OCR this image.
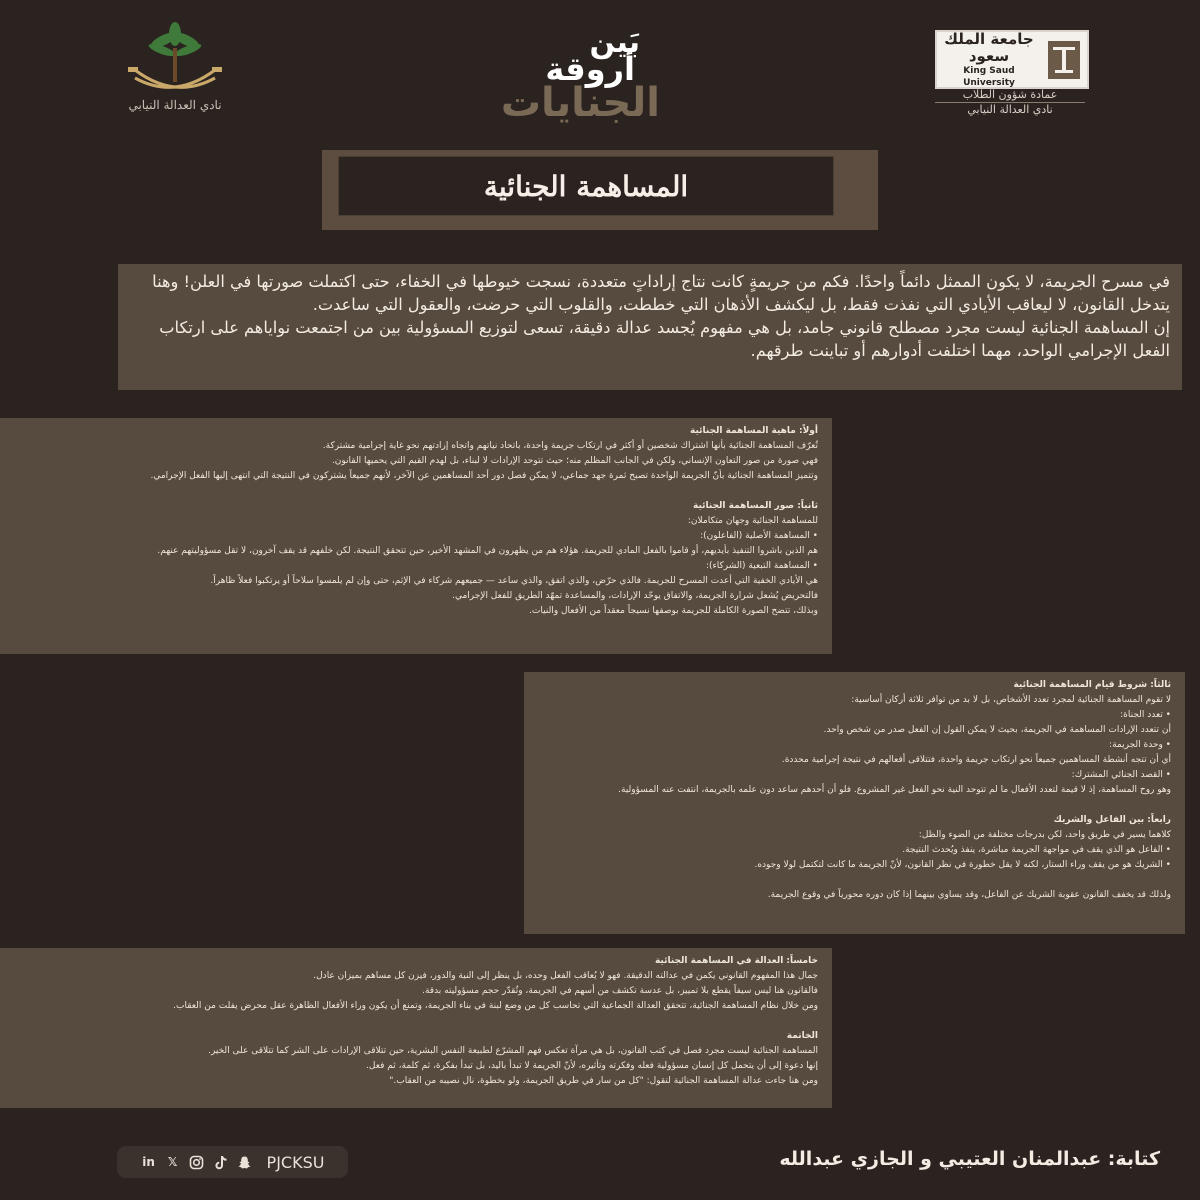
جامعة الملك سعود
King Saud University
عمادة شؤون الطلاب
نادي العدالة النيابي
بَين
أروقة
الجنايات
نادي العدالة النيابي
المساهمة الجنائية

في مسرح الجريمة، لا يكون الممثل دائماً واحدًا. فكم من جريمةٍ كانت نتاج إراداتٍ متعددة، نسجت خيوطها في الخفاء، حتى اكتملت صورتها في العلن! وهنا يتدخل القانون، لا ليعاقب الأيادي التي نفذت فقط، بل ليكشف الأذهان التي خططت، والقلوب التي حرضت، والعقول التي ساعدت.

إن المساهمة الجنائية ليست مجرد مصطلح قانوني جامد، بل هي مفهوم يُجسد عدالة دقيقة، تسعى لتوزيع المسؤولية بين من اجتمعت نواياهم على ارتكاب الفعل الإجرامي الواحد، مهما اختلفت أدوارهم أو تباينت طرقهم.

أولاً: ماهية المساهمة الجنائية
تُعرّف المساهمة الجنائية بأنها اشتراك شخصين أو أكثر في ارتكاب جريمة واحدة، باتحاد نياتهم واتجاه إرادتهم نحو غاية إجرامية مشتركة.
فهي صورة من صور التعاون الإنساني، ولكن في الجانب المظلم منه؛ حيث تتوحد الإرادات لا لبناء، بل لهدم القيم التي يحميها القانون.
وتتميز المساهمة الجنائية بأنّ الجريمة الواحدة تصبح ثمرة جهد جماعي، لا يمكن فصل دور أحد المساهمين عن الآخر، لأنهم جميعاً يشتركون في النتيجة التي انتهى إليها الفعل الإجرامي.
ثانياً: صور المساهمة الجنائية
للمساهمة الجنائية وجهان متكاملان:
• المساهمة الأصلية (الفاعلون):
هم الذين باشروا التنفيذ بأيديهم، أو قاموا بالفعل المادي للجريمة. هؤلاء هم من يظهرون في المشهد الأخير، حين تتحقق النتيجة. لكن خلفهم قد يقف آخرون، لا تقل مسؤوليتهم عنهم.
• المساهمة التبعية (الشركاء):
هي الأيادي الخفية التي أعدت المسرح للجريمة. فالذي حرّض، والذي اتفق، والذي ساعد — جميعهم شركاء في الإثم، حتى وإن لم يلمسوا سلاحاً أو يرتكبوا فعلاً ظاهراً.
فالتحريض يُشعل شرارة الجريمة، والاتفاق يوحّد الإرادات، والمساعدة تمهّد الطريق للفعل الإجرامي.
وبذلك، تتضح الصورة الكاملة للجريمة بوصفها نسيجاً معقداً من الأفعال والنيات.
ثالثاً: شروط قيام المساهمة الجنائية
لا تقوم المساهمة الجنائية لمجرد تعدد الأشخاص، بل لا بد من توافر ثلاثة أركان أساسية:
• تعدد الجناة:
أن تتعدد الإرادات المساهمة في الجريمة، بحيث لا يمكن القول إن الفعل صدر من شخص واحد.
• وحدة الجريمة:
أي أن تتجه أنشطة المساهمين جميعاً نحو ارتكاب جريمة واحدة، فتتلاقى أفعالهم في نتيجة إجرامية محددة.
• القصد الجنائي المشترك:
وهو روح المساهمة، إذ لا قيمة لتعدد الأفعال ما لم تتوحد النية نحو الفعل غير المشروع. فلو أن أحدهم ساعد دون علمه بالجريمة، انتفت عنه المسؤولية.
رابعاً: بين الفاعل والشريك
كلاهما يسير في طريق واحد، لكن بدرجات مختلفة من الضوء والظل:
• الفاعل هو الذي يقف في مواجهة الجريمة مباشرة، ينفذ ويُحدث النتيجة.
• الشريك هو من يقف وراء الستار، لكنه لا يقل خطورة في نظر القانون، لأنّ الجريمة ما كانت لتكتمل لولا وجوده.
ولذلك قد يخفف القانون عقوبة الشريك عن الفاعل، وقد يساوي بينهما إذا كان دوره محورياً في وقوع الجريمة.
خامساً: العدالة في المساهمة الجنائية
جمال هذا المفهوم القانوني يكمن في عدالته الدقيقة. فهو لا يُعاقب الفعل وحده، بل ينظر إلى النية والدور، فيزن كل مساهم بميزان عادل.
فالقانون هنا ليس سيفاً يقطع بلا تمييز، بل عدسة تكشف من أسهم في الجريمة، وتُقدّر حجم مسؤوليته بدقة.
ومن خلال نظام المساهمة الجنائية، تتحقق العدالة الجماعية التي تحاسب كل من وضع لبنة في بناء الجريمة، وتمنع أن يكون وراء الأفعال الظاهرة عقل محرض يفلت من العقاب.
الخاتمة
المساهمة الجنائية ليست مجرد فصل في كتب القانون، بل هي مرآة تعكس فهم المشرّع لطبيعة النفس البشرية، حين تتلاقى الإرادات على الشر كما تتلاقى على الخير.
إنها دعوة إلى أن يتحمل كل إنسان مسؤولية فعله وفكرته وتأثيره، لأنّ الجريمة لا تبدأ باليد، بل تبدأ بفكرة، ثم كلمة، ثم فعل.
ومن هنا جاءت عدالة المساهمة الجنائية لتقول: "كل من سار في طريق الجريمة، ولو بخطوة، نال نصيبه من العقاب."
in 𝕏	PJCKSU	كتابة: عبدالمنان العتيبي و الجازي عبدالله
